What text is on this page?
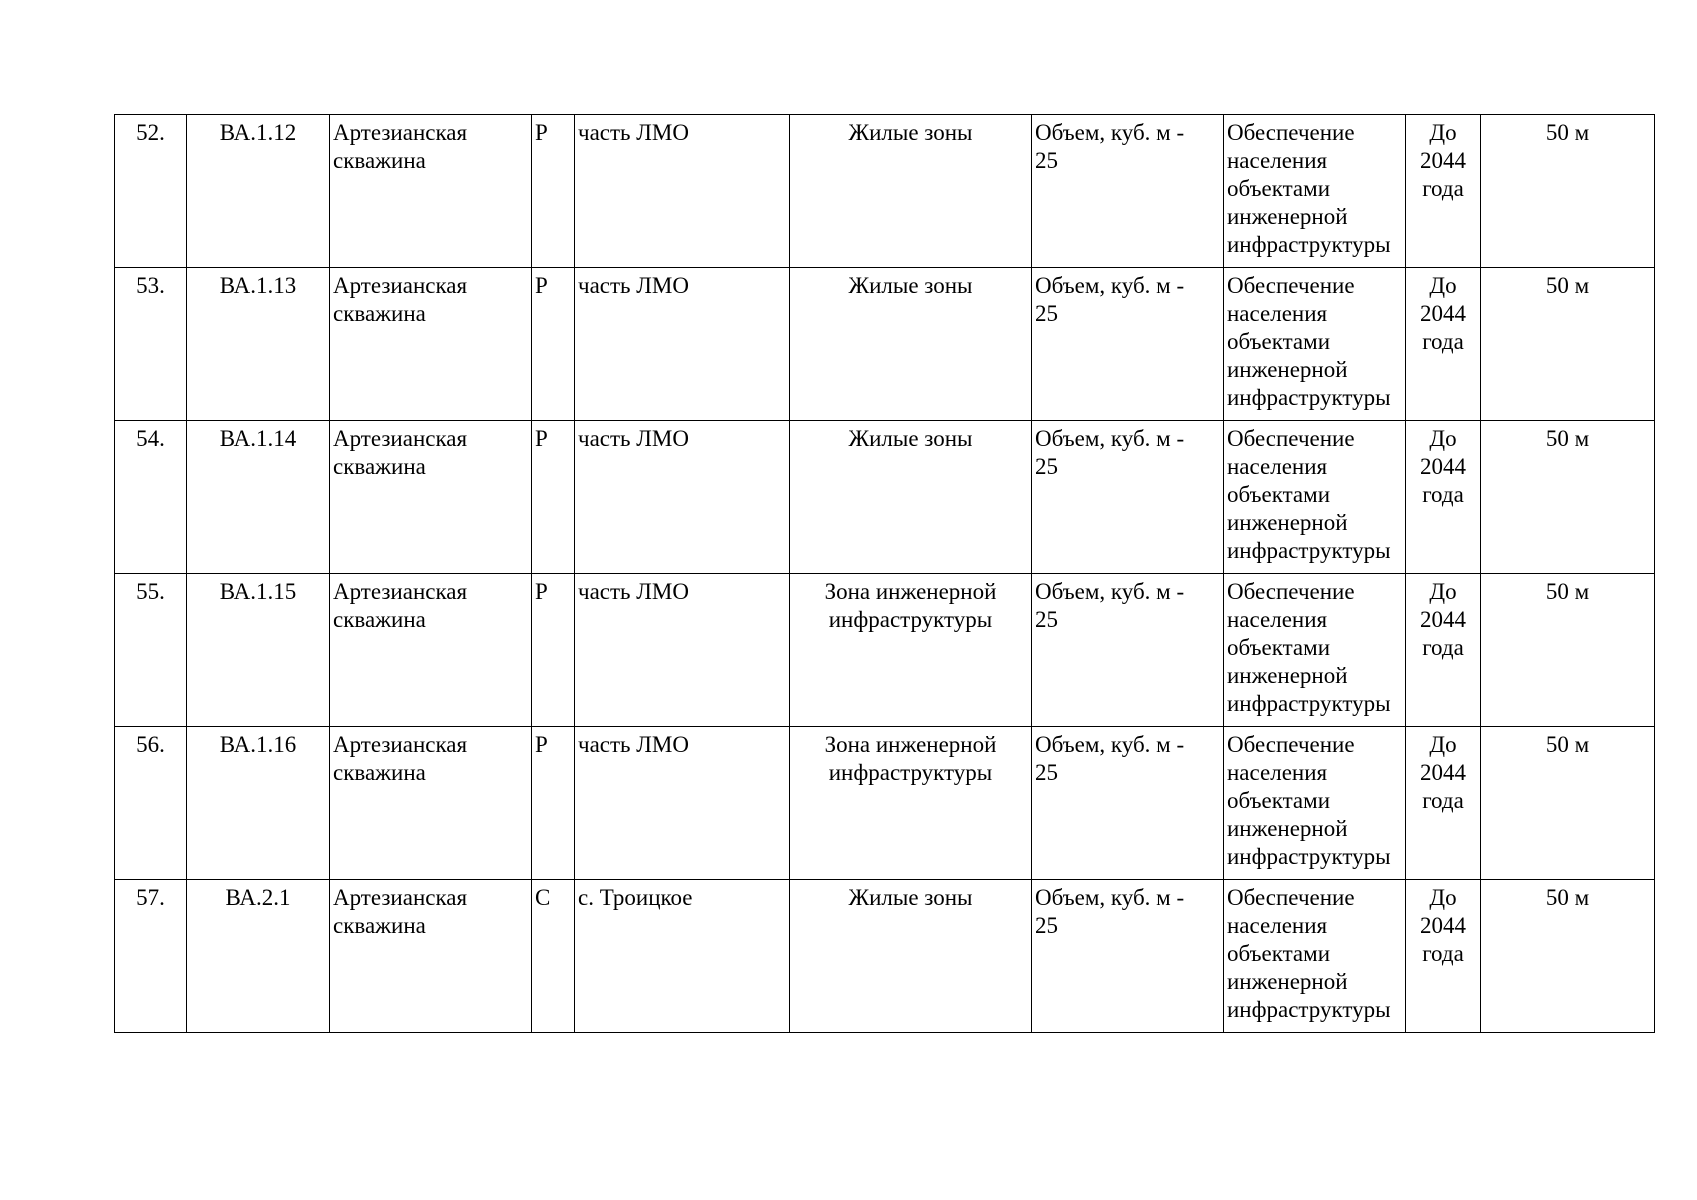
52.	ВА.1.12	Артезианская
скважина	Р	часть ЛМО	Жилые зоны	Объем, куб. м -
25	Обеспечение
населения
объектами
инженерной
инфраструктуры	До
2044
года	50 м
53.	ВА.1.13	Артезианская
скважина	Р	часть ЛМО	Жилые зоны	Объем, куб. м -
25	Обеспечение
населения
объектами
инженерной
инфраструктуры	До
2044
года	50 м
54.	ВА.1.14	Артезианская
скважина	Р	часть ЛМО	Жилые зоны	Объем, куб. м -
25	Обеспечение
населения
объектами
инженерной
инфраструктуры	До
2044
года	50 м
55.	ВА.1.15	Артезианская
скважина	Р	часть ЛМО	Зона инженерной
инфраструктуры	Объем, куб. м -
25	Обеспечение
населения
объектами
инженерной
инфраструктуры	До
2044
года	50 м
56.	ВА.1.16	Артезианская
скважина	Р	часть ЛМО	Зона инженерной
инфраструктуры	Объем, куб. м -
25	Обеспечение
населения
объектами
инженерной
инфраструктуры	До
2044
года	50 м
57.	ВА.2.1	Артезианская
скважина	С	с. Троицкое	Жилые зоны	Объем, куб. м -
25	Обеспечение
населения
объектами
инженерной
инфраструктуры	До
2044
года	50 м
